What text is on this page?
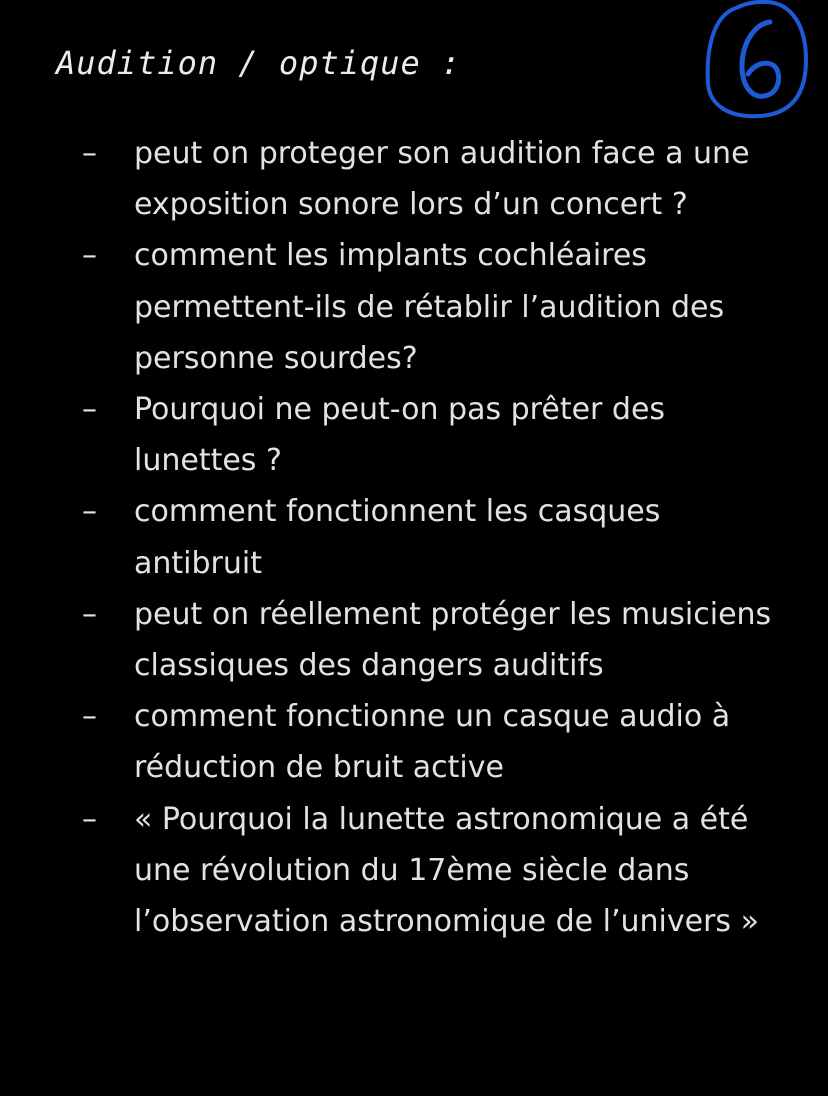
Audition / optique :
– peut on proteger son audition face a une exposition sonore lors d’un concert ?
– comment les implants cochléaires permettent-ils de rétablir l’audition des personne sourdes?
– Pourquoi ne peut-on pas prêter des lunettes ?
– comment fonctionnent les casques antibruit
– peut on réellement protéger les musiciens classiques des dangers auditifs
– comment fonctionne un casque audio à réduction de bruit active
– « Pourquoi la lunette astronomique a été une révolution du 17ème siècle dans l’observation astronomique de l’univers »
